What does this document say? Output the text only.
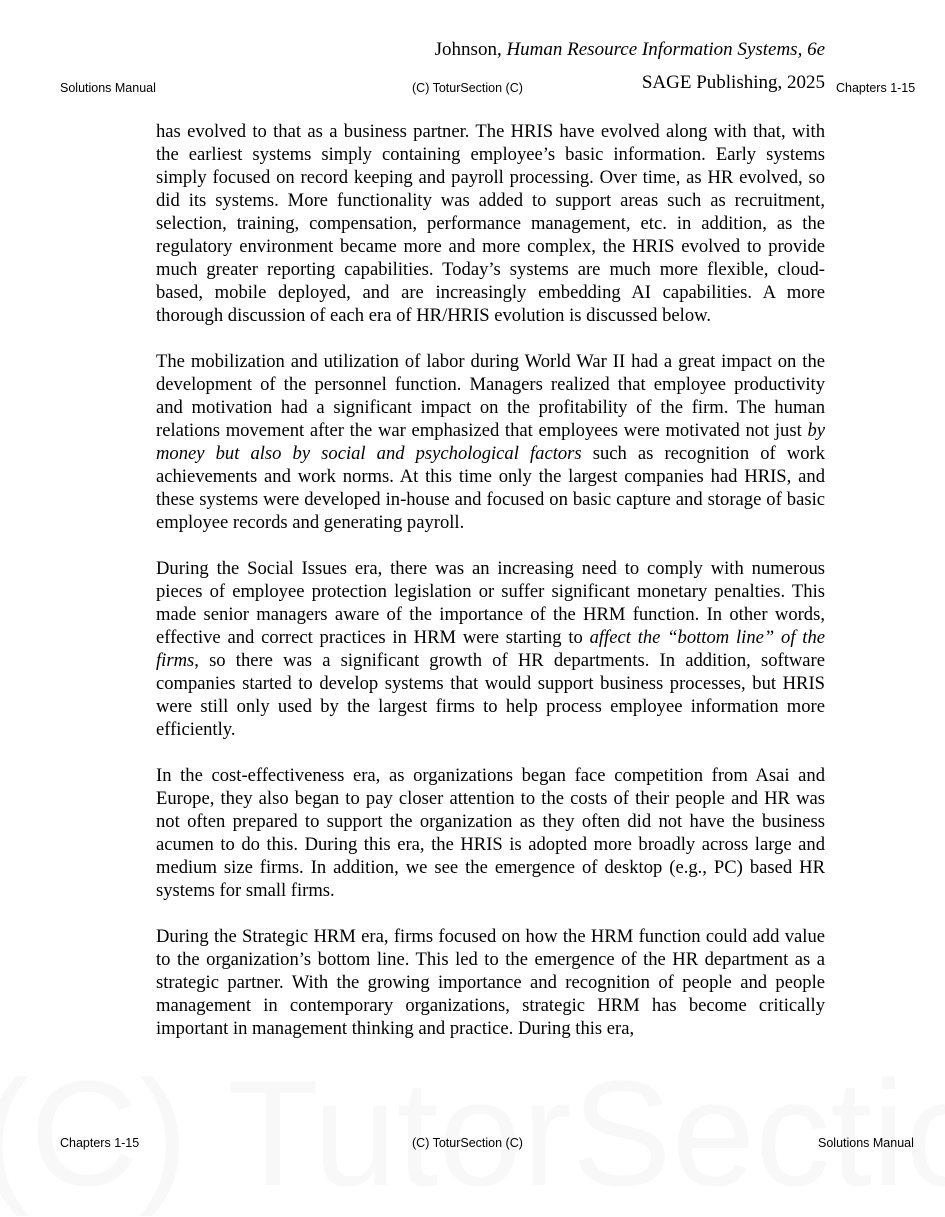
Johnson, Human Resource Information Systems, 6e
SAGE Publishing, 2025
Solutions Manual	(C) ToturSection (C)	Chapters 1-15

has evolved to that as a business partner. The HRIS have evolved along with that, with the earliest systems simply containing employee’s basic information. Early systems simply focused on record keeping and payroll processing. Over time, as HR evolved, so did its systems. More functionality was added to support areas such as recruitment, selection, training, compensation, performance management, etc. in addition, as the regulatory environment became more and more complex, the HRIS evolved to provide much greater reporting capabilities. Today’s systems are much more flexible, cloud-based, mobile deployed, and are increasingly embedding AI capabilities. A more thorough discussion of each era of HR/HRIS evolution is discussed below.

The mobilization and utilization of labor during World War II had a great impact on the development of the personnel function. Managers realized that employee productivity and motivation had a significant impact on the profitability of the firm. The human relations movement after the war emphasized that employees were motivated not just by money but also by social and psychological factors such as recognition of work achievements and work norms. At this time only the largest companies had HRIS, and these systems were developed in-house and focused on basic capture and storage of basic employee records and generating payroll.

During the Social Issues era, there was an increasing need to comply with numerous pieces of employee protection legislation or suffer significant monetary penalties. This made senior managers aware of the importance of the HRM function. In other words, effective and correct practices in HRM were starting to affect the “bottom line” of the firms, so there was a significant growth of HR departments. In addition, software companies started to develop systems that would support business processes, but HRIS were still only used by the largest firms to help process employee information more efficiently.

In the cost-effectiveness era, as organizations began face competition from Asai and Europe, they also began to pay closer attention to the costs of their people and HR was not often prepared to support the organization as they often did not have the business acumen to do this. During this era, the HRIS is adopted more broadly across large and medium size firms. In addition, we see the emergence of desktop (e.g., PC) based HR systems for small firms.

During the Strategic HRM era, firms focused on how the HRM function could add value to the organization’s bottom line. This led to the emergence of the HR department as a strategic partner. With the growing importance and recognition of people and people management in contemporary organizations, strategic HRM has become critically important in management thinking and practice. During this era,

Chapters 1-15	(C) ToturSection (C)	Solutions Manual
